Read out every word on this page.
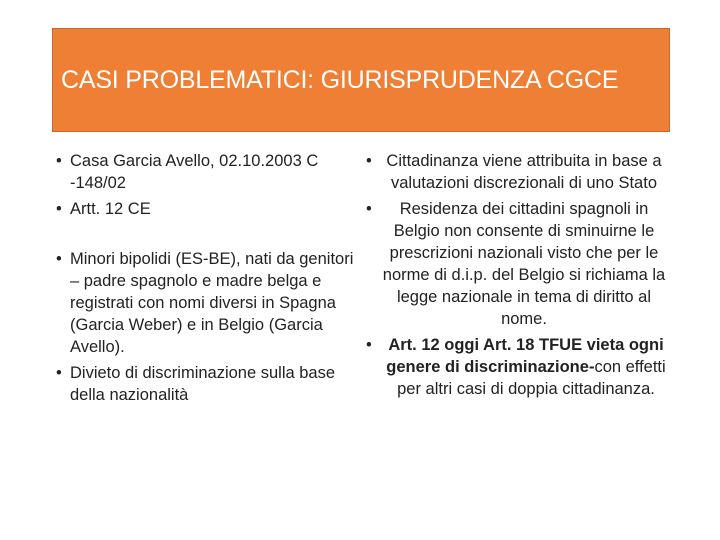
CASI PROBLEMATICI: GIURISPRUDENZA CGCE
• Casa Garcia Avello, 02.10.2003 C -148/02
• Artt. 12 CE
• Minori bipolidi (ES-BE), nati da genitori – padre spagnolo e madre belga e registrati con nomi diversi in Spagna (Garcia Weber) e in Belgio (Garcia Avello).
• Divieto di discriminazione sulla base della nazionalità
• Cittadinanza viene attribuita in base a valutazioni discrezionali di uno Stato
• Residenza dei cittadini spagnoli in Belgio non consente di sminuirne le prescrizioni nazionali visto che per le norme di d.i.p. del Belgio si richiama la legge nazionale in tema di diritto al nome.
• Art. 12 oggi Art. 18 TFUE vieta ogni genere di discriminazione-con effetti per altri casi di doppia cittadinanza.
